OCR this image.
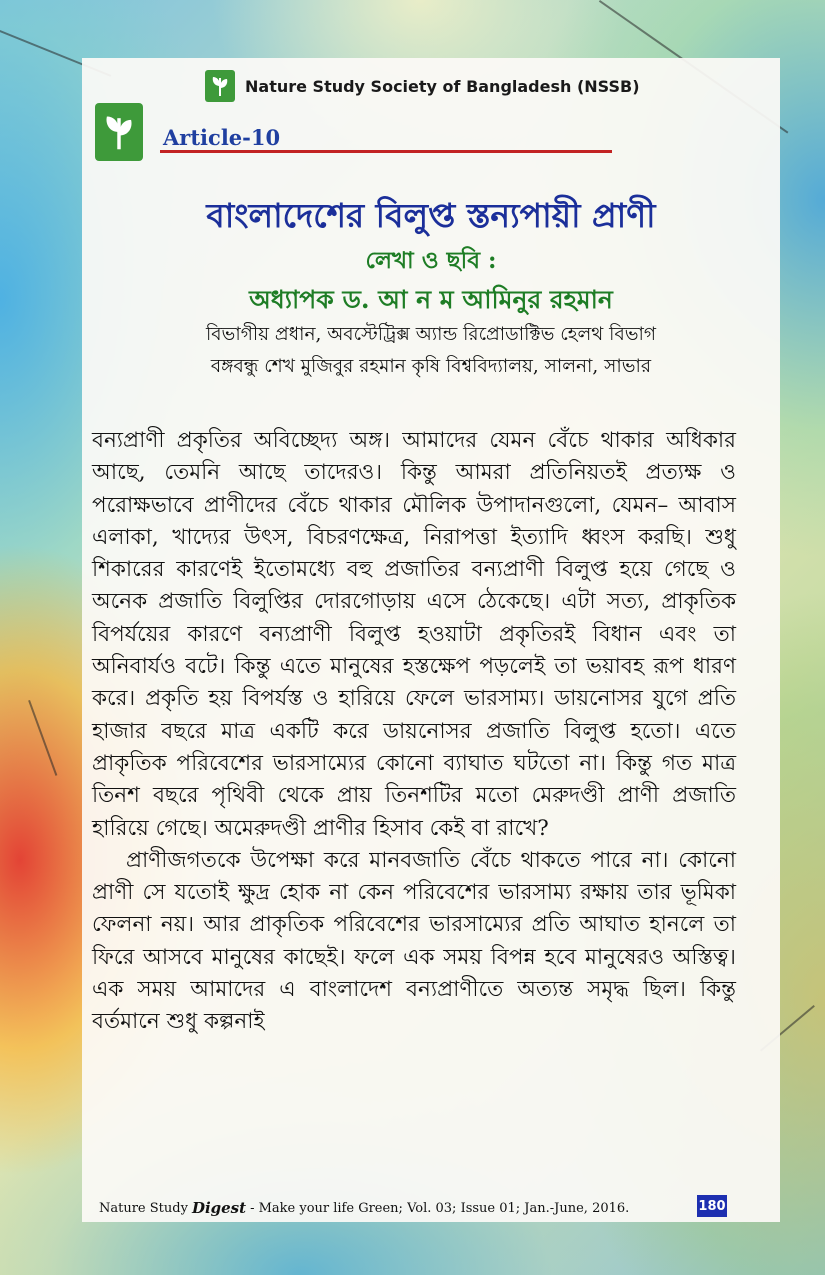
Nature Study Society of Bangladesh (NSSB)
Article-10
বাংলাদেশের বিলুপ্ত স্তন্যপায়ী প্রাণী
লেখা ও ছবি :
অধ্যাপক ড. আ ন ম আমিনুর রহমান
বিভাগীয় প্রধান, অবস্টেট্রিক্স অ্যান্ড রিপ্রোডাক্টিভ হেলথ বিভাগ
বঙ্গবন্ধু শেখ মুজিবুর রহমান কৃষি বিশ্ববিদ্যালয়, সালনা, সাভার

বন্যপ্রাণী প্রকৃতির অবিচ্ছেদ্য অঙ্গ। আমাদের যেমন বেঁচে থাকার অধিকার আছে, তেমনি আছে তাদেরও। কিন্তু আমরা প্রতিনিয়তই প্রত্যক্ষ ও পরোক্ষভাবে প্রাণীদের বেঁচে থাকার মৌলিক উপাদানগুলো, যেমন– আবাস এলাকা, খাদ্যের উৎস, বিচরণক্ষেত্র, নিরাপত্তা ইত্যাদি ধ্বংস করছি। শুধু শিকারের কারণেই ইতোমধ্যে বহু প্রজাতির বন্যপ্রাণী বিলুপ্ত হয়ে গেছে ও অনেক প্রজাতি বিলুপ্তির দোরগোড়ায় এসে ঠেকেছে। এটা সত্য, প্রাকৃতিক বিপর্যয়ের কারণে বন্যপ্রাণী বিলুপ্ত হওয়াটা প্রকৃতিরই বিধান এবং তা অনিবার্যও বটে। কিন্তু এতে মানুষের হস্তক্ষেপ পড়লেই তা ভয়াবহ রূপ ধারণ করে। প্রকৃতি হয় বিপর্যস্ত ও হারিয়ে ফেলে ভারসাম্য। ডায়নোসর যুগে প্রতি হাজার বছরে মাত্র একটি করে ডায়নোসর প্রজাতি বিলুপ্ত হতো। এতে প্রাকৃতিক পরিবেশের ভারসাম্যের কোনো ব্যাঘাত ঘটতো না। কিন্তু গত মাত্র তিনশ বছরে পৃথিবী থেকে প্রায় তিনশটির মতো মেরুদণ্ডী প্রাণী প্রজাতি হারিয়ে গেছে। অমেরুদণ্ডী প্রাণীর হিসাব কেই বা রাখে?

প্রাণীজগতকে উপেক্ষা করে মানবজাতি বেঁচে থাকতে পারে না। কোনো প্রাণী সে যতোই ক্ষুদ্র হোক না কেন পরিবেশের ভারসাম্য রক্ষায় তার ভূমিকা ফেলনা নয়। আর প্রাকৃতিক পরিবেশের ভারসাম্যের প্রতি আঘাত হানলে তা ফিরে আসবে মানুষের কাছেই। ফলে এক সময় বিপন্ন হবে মানুষেরও অস্তিত্ব। এক সময় আমাদের এ বাংলাদেশ বন্যপ্রাণীতে অত্যন্ত সমৃদ্ধ ছিল। কিন্তু বর্তমানে শুধু কল্পনাই

Nature Study Digest - Make your life Green; Vol. 03; Issue 01; Jan.-June, 2016.	180
